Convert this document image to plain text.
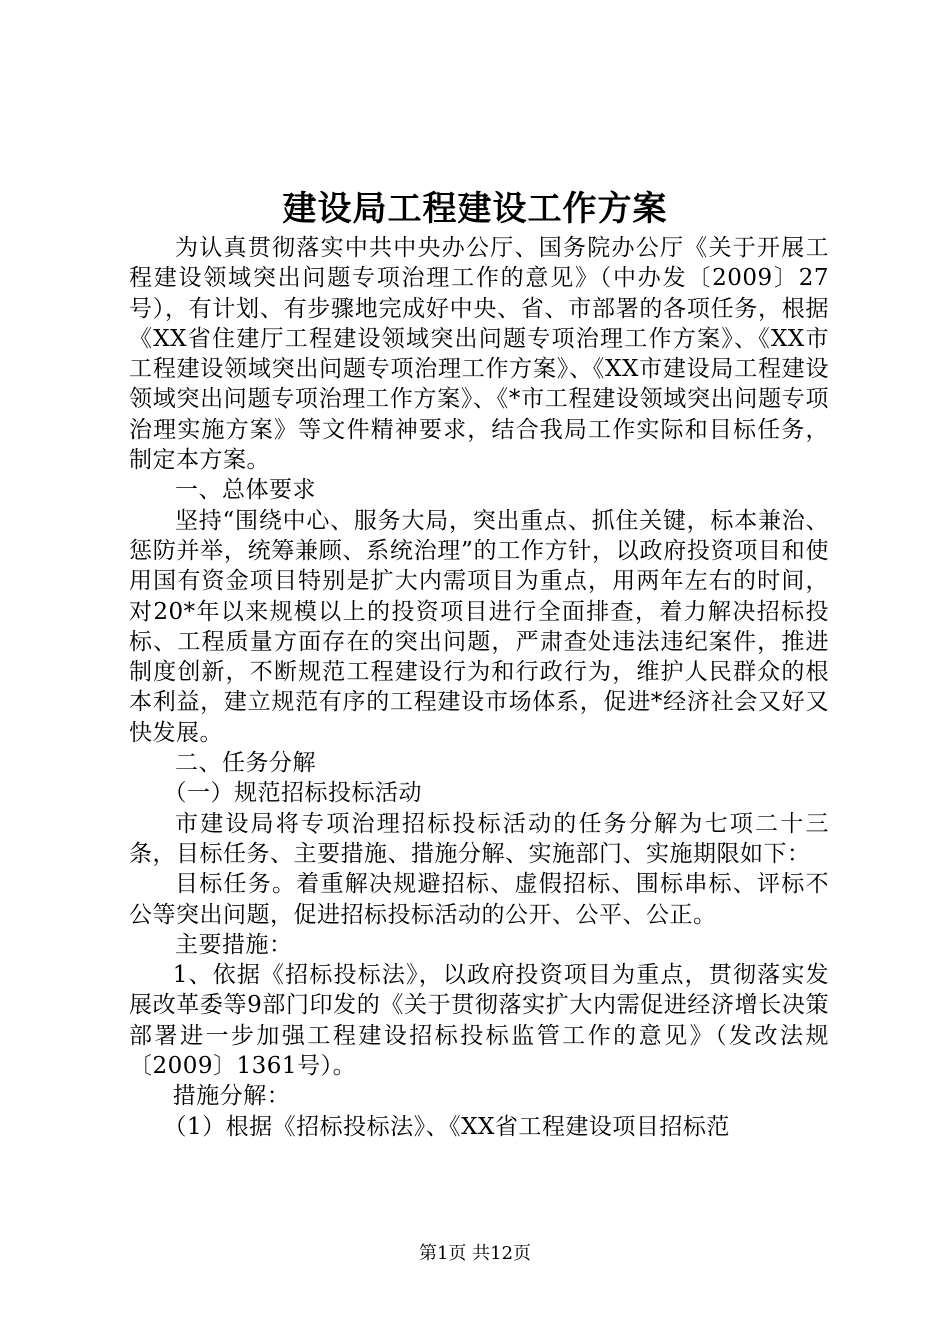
建设局工程建设工作方案

为认真贯彻落实中共中央办公厅、国务院办公厅《关于开展工程建设领域突出问题专项治理工作的意见》（中办发〔2009〕27号），有计划、有步骤地完成好中央、省、市部署的各项任务，根据《XX省住建厅工程建设领域突出问题专项治理工作方案》、《XX市工程建设领域突出问题专项治理工作方案》、《XX市建设局工程建设领域突出问题专项治理工作方案》、《*市工程建设领域突出问题专项治理实施方案》等文件精神要求，结合我局工作实际和目标任务，制定本方案。

一、总体要求

坚持“围绕中心、服务大局，突出重点、抓住关键，标本兼治、惩防并举，统筹兼顾、系统治理”的工作方针，以政府投资项目和使用国有资金项目特别是扩大内需项目为重点，用两年左右的时间，对20*年以来规模以上的投资项目进行全面排查，着力解决招标投标、工程质量方面存在的突出问题，严肃查处违法违纪案件，推进制度创新，不断规范工程建设行为和行政行为，维护人民群众的根本利益，建立规范有序的工程建设市场体系，促进*经济社会又好又快发展。

二、任务分解

（一）规范招标投标活动

市建设局将专项治理招标投标活动的任务分解为七项二十三条，目标任务、主要措施、措施分解、实施部门、实施期限如下：

目标任务。着重解决规避招标、虚假招标、围标串标、评标不公等突出问题，促进招标投标活动的公开、公平、公正。

主要措施：

1、依据《招标投标法》，以政府投资项目为重点，贯彻落实发展改革委等9部门印发的《关于贯彻落实扩大内需促进经济增长决策部署进一步加强工程建设招标投标监管工作的意见》（发改法规〔2009〕1361号）。

措施分解：

（1）根据《招标投标法》、《XX省工程建设项目招标范

第1页 共12页
